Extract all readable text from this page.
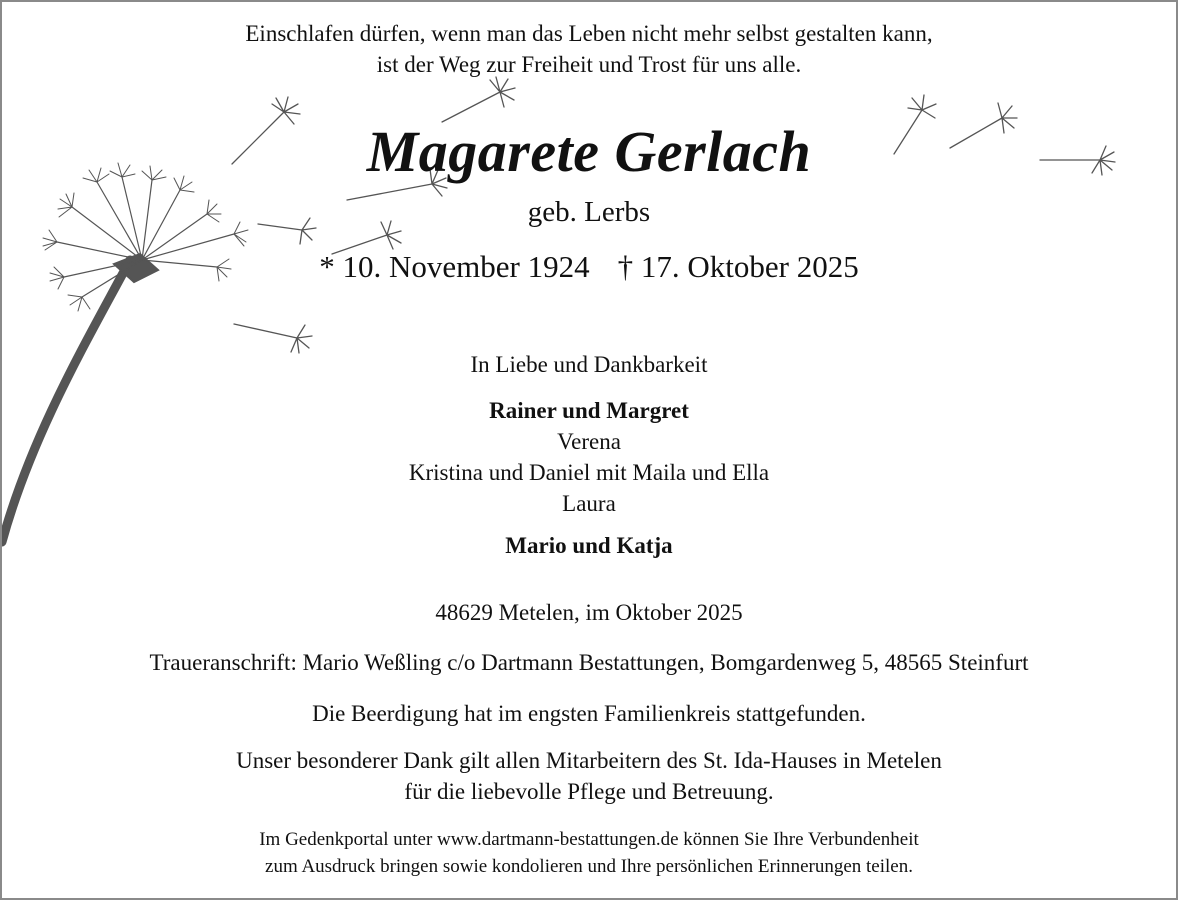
Einschlafen dürfen, wenn man das Leben nicht mehr selbst gestalten kann,
ist der Weg zur Freiheit und Trost für uns alle.
Magarete Gerlach
geb. Lerbs
* 10. November 1924 † 17. Oktober 2025
In Liebe und Dankbarkeit
Rainer und Margret
Verena
Kristina und Daniel mit Maila und Ella
Laura
Mario und Katja
48629 Metelen, im Oktober 2025
Traueranschrift: Mario Weßling c/o Dartmann Bestattungen, Bomgardenweg 5, 48565 Steinfurt
Die Beerdigung hat im engsten Familienkreis stattgefunden.
Unser besonderer Dank gilt allen Mitarbeitern des St. Ida-Hauses in Metelen
für die liebevolle Pflege und Betreuung.
Im Gedenkportal unter www.dartmann-bestattungen.de können Sie Ihre Verbundenheit
zum Ausdruck bringen sowie kondolieren und Ihre persönlichen Erinnerungen teilen.
